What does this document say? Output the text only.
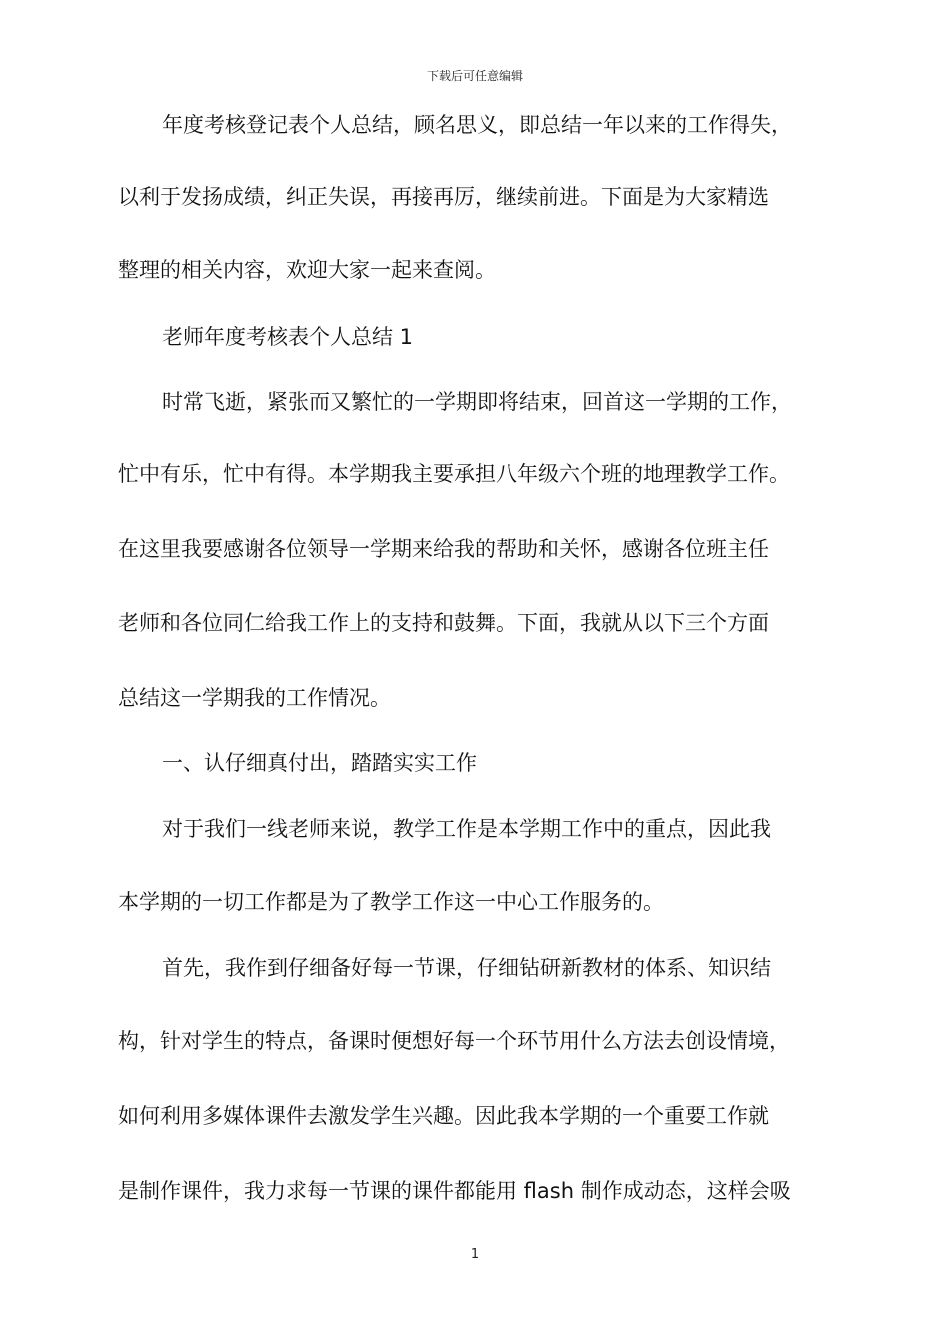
下载后可任意编辑
年度考核登记表个人总结，顾名思义，即总结一年以来的工作得失，
以利于发扬成绩，纠正失误，再接再厉，继续前进。下面是为大家精选
整理的相关内容，欢迎大家一起来查阅。
老师年度考核表个人总结 1
时常飞逝，紧张而又繁忙的一学期即将结束，回首这一学期的工作，
忙中有乐，忙中有得。本学期我主要承担八年级六个班的地理教学工作。
在这里我要感谢各位领导一学期来给我的帮助和关怀，感谢各位班主任
老师和各位同仁给我工作上的支持和鼓舞。下面，我就从以下三个方面
总结这一学期我的工作情况。
一、认仔细真付出，踏踏实实工作
对于我们一线老师来说，教学工作是本学期工作中的重点，因此我
本学期的一切工作都是为了教学工作这一中心工作服务的。
首先，我作到仔细备好每一节课，仔细钻研新教材的体系、知识结
构，针对学生的特点，备课时便想好每一个环节用什么方法去创设情境，
如何利用多媒体课件去激发学生兴趣。因此我本学期的一个重要工作就
是制作课件，我力求每一节课的课件都能用 flash 制作成动态，这样会吸
1
